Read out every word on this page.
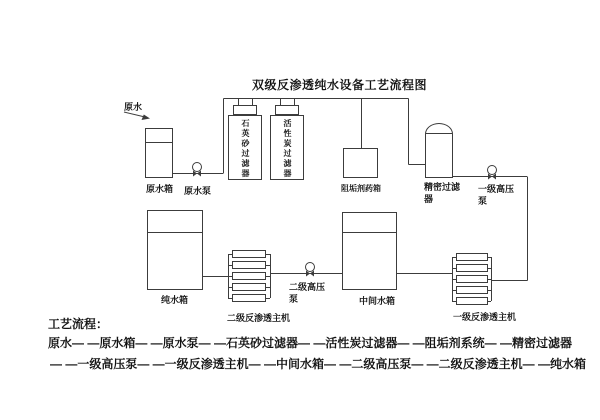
双级反渗透纯水设备工艺流程图
原水
原水箱 原水泵
石英砂过滤器	活性炭过滤器
阻垢剂药箱	精密过滤器
一级高压泵
一级反渗透主机
中间水箱
二级高压泵
二级反渗透主机
纯水箱
工艺流程：
原水— —原水箱— —原水泵— —石英砂过滤器— —活性炭过滤器— —阻垢剂系统— —精密过滤器
— —一级高压泵— —一级反渗透主机— —中间水箱— —二级高压泵— —二级反渗透主机— —纯水箱
